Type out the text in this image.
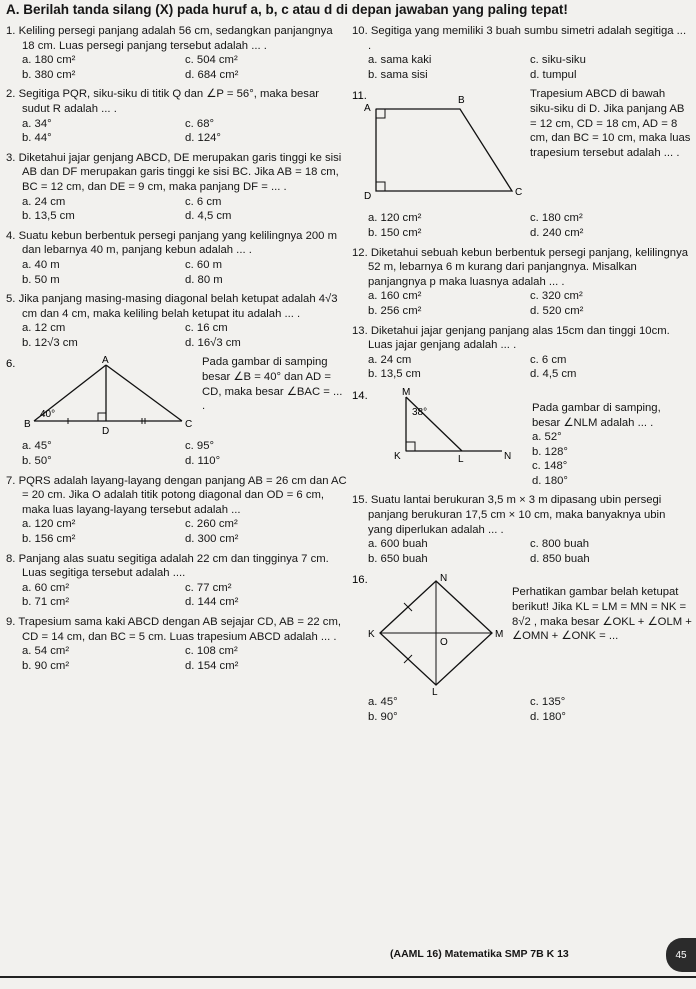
A. Berilah tanda silang (X) pada huruf a, b, c atau d di depan jawaban yang paling tepat!
1. Keliling persegi panjang adalah 56 cm, sedangkan panjangnya 18 cm. Luas persegi panjang tersebut adalah ... .
a. 180 cm²	c. 504 cm²
b. 380 cm²	d. 684 cm²
2. Segitiga PQR, siku-siku di titik Q dan ∠P = 56°, maka besar sudut R adalah ... .
a. 34°	c. 68°
b. 44°	d. 124°
3. Diketahui jajar genjang ABCD, DE merupakan garis tinggi ke sisi AB dan DF merupakan garis tinggi ke sisi BC. Jika AB = 18 cm, BC = 12 cm, dan DE = 9 cm, maka panjang DF = ... .
a. 24 cm	c. 6 cm
b. 13,5 cm	d. 4,5 cm
4. Suatu kebun berbentuk persegi panjang yang kelilingnya 200 m dan lebarnya 40 m, panjang kebun adalah ... .
a. 40 m	c. 60 m
b. 50 m	d. 80 m
5. Jika panjang masing-masing diagonal belah ketupat adalah 4√3 cm dan 4 cm, maka keliling belah ketupat itu adalah ... .
a. 12 cm	c. 16 cm
b. 12√3 cm	d. 16√3 cm
6.	A
B	C
D
40°
Pada gambar di samping besar ∠B = 40° dan AD = CD, maka besar ∠BAC = ... .
a. 45°	c. 95°
b. 50°	d. 110°
7. PQRS adalah layang-layang dengan panjang AB = 26 cm dan AC = 20 cm. Jika O adalah titik potong diagonal dan OD = 6 cm, maka luas layang-layang tersebut adalah ...
a. 120 cm²	c. 260 cm²
b. 156 cm²	d. 300 cm²
8. Panjang alas suatu segitiga adalah 22 cm dan tingginya 7 cm. Luas segitiga tersebut adalah ....
a. 60 cm²	c. 77 cm²
b. 71 cm²	d. 144 cm²
9. Trapesium sama kaki ABCD dengan AB sejajar CD, AB = 22 cm, CD = 14 cm, dan BC = 5 cm. Luas trapesium ABCD adalah ... .
a. 54 cm²	c. 108 cm²
b. 90 cm²	d. 154 cm²
10. Segitiga yang memiliki 3 buah sumbu simetri adalah segitiga ... .
a. sama kaki	c. siku-siku
b. sama sisi	d. tumpul
11.
A
B
C
D
Trapesium ABCD di bawah siku-siku di D. Jika panjang AB = 12 cm, CD = 18 cm, AD = 8 cm, dan BC = 10 cm, maka luas trapesium tersebut adalah ... .
a. 120 cm²	c. 180 cm²
b. 150 cm²	d. 240 cm²
12. Diketahui sebuah kebun berbentuk persegi panjang, kelilingnya 52 m, lebarnya 6 m kurang dari panjangnya. Misalkan panjangnya p maka luasnya adalah ... .
a. 160 cm²	c. 320 cm²
b. 256 cm²	d. 520 cm²
13. Diketahui jajar genjang panjang alas 15cm dan tinggi 10cm. Luas jajar genjang adalah ... .
a. 24 cm	c. 6 cm
b. 13,5 cm	d. 4,5 cm
14.	M
38°
K	L	N
Pada gambar di samping, besar ∠NLM adalah ... .
a. 52°
b. 128°
c. 148°
d. 180°
15. Suatu lantai berukuran 3,5 m × 3 m dipasang ubin persegi panjang berukuran 17,5 cm × 10 cm, maka banyaknya ubin yang diperlukan adalah ... .
a. 600 buah	c. 800 buah
b. 650 buah	d. 850 buah
16.	N
K	M
L
O
Perhatikan gambar belah ketupat berikut! Jika KL = LM = MN = NK = 8√2 , maka besar ∠OKL + ∠OLM + ∠OMN + ∠ONK = ...
a. 45°	c. 135°
b. 90°	d. 180°
(AAML 16) Matematika SMP 7B K 13	45
